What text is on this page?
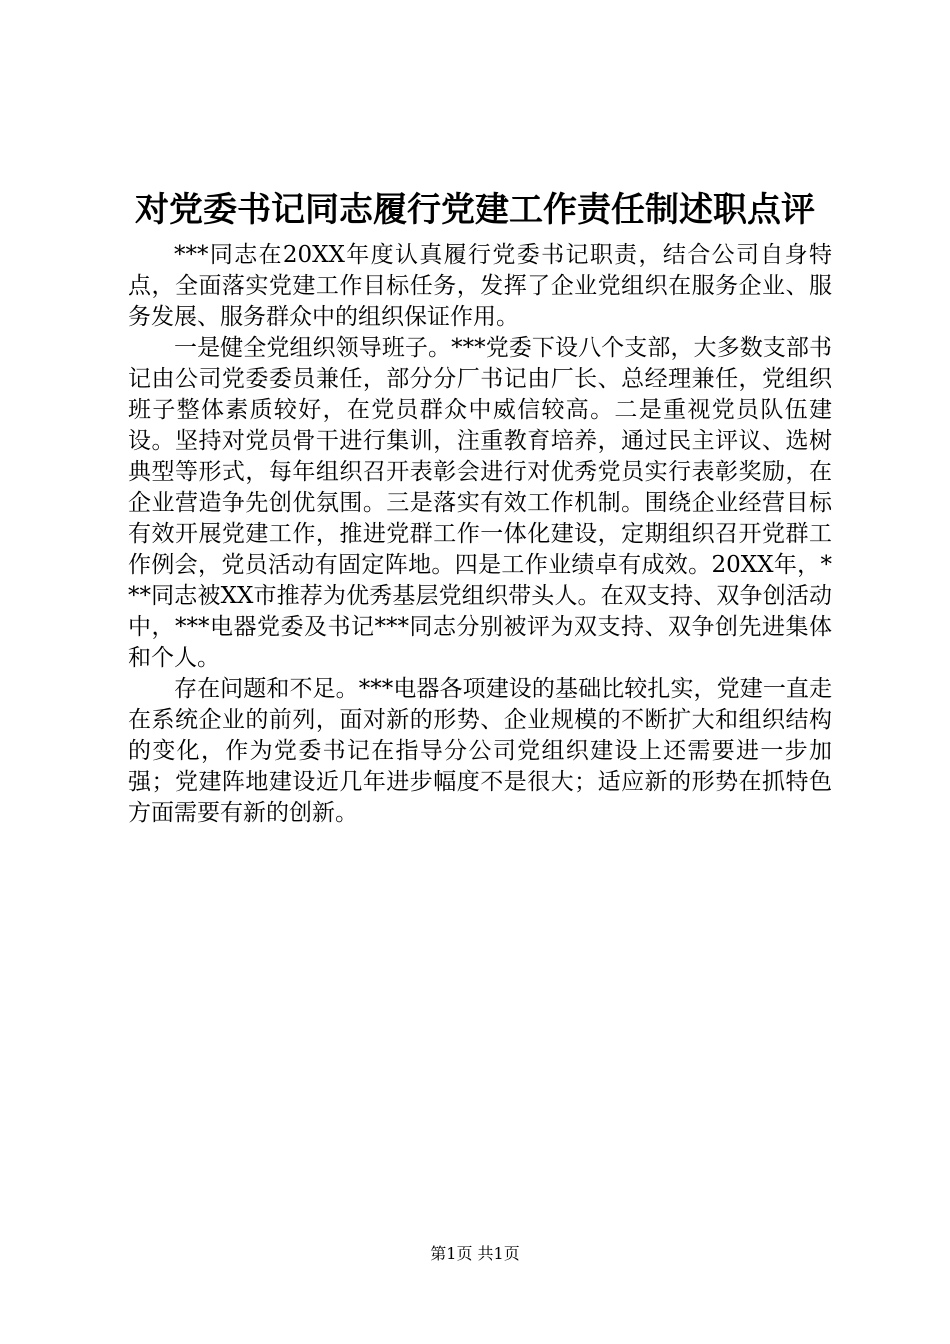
对党委书记同志履行党建工作责任制述职点评

***同志在20XX年度认真履行党委书记职责，结合公司自身特点，全面落实党建工作目标任务，发挥了企业党组织在服务企业、服务发展、服务群众中的组织保证作用。

一是健全党组织领导班子。***党委下设八个支部，大多数支部书记由公司党委委员兼任，部分分厂书记由厂长、总经理兼任，党组织班子整体素质较好，在党员群众中威信较高。二是重视党员队伍建设。坚持对党员骨干进行集训，注重教育培养，通过民主评议、选树典型等形式，每年组织召开表彰会进行对优秀党员实行表彰奖励，在企业营造争先创优氛围。三是落实有效工作机制。围绕企业经营目标有效开展党建工作，推进党群工作一体化建设，定期组织召开党群工作例会，党员活动有固定阵地。四是工作业绩卓有成效。20XX年，***同志被XX市推荐为优秀基层党组织带头人。在双支持、双争创活动中，***电器党委及书记***同志分别被评为双支持、双争创先进集体和个人。

存在问题和不足。***电器各项建设的基础比较扎实，党建一直走在系统企业的前列，面对新的形势、企业规模的不断扩大和组织结构的变化，作为党委书记在指导分公司党组织建设上还需要进一步加强；党建阵地建设近几年进步幅度不是很大；适应新的形势在抓特色方面需要有新的创新。

第1页 共1页
